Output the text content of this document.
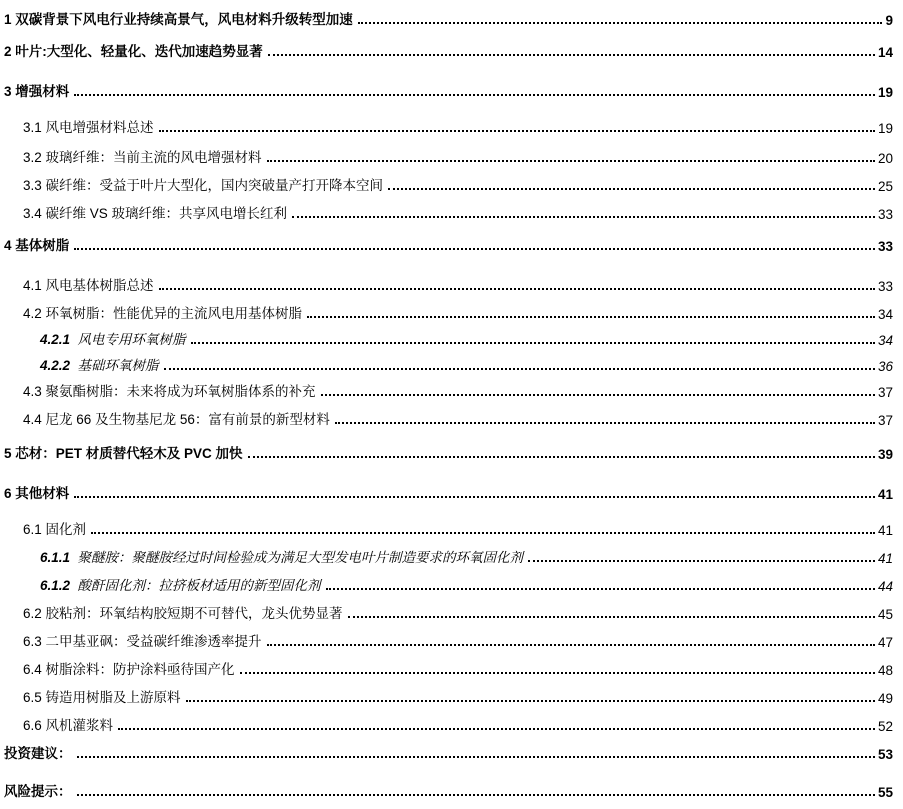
1 双碳背景下风电行业持续高景气，风电材料升级转型加速	9
2 叶片:大型化、轻量化、迭代加速趋势显著	14
3 增强材料	19
3.1 风电增强材料总述	19
3.2 玻璃纤维：当前主流的风电增强材料	20
3.3 碳纤维：受益于叶片大型化，国内突破量产打开降本空间	25
3.4 碳纤维 VS 玻璃纤维：共享风电增长红利	33
4 基体树脂	33
4.1 风电基体树脂总述	33
4.2 环氧树脂：性能优异的主流风电用基体树脂	34
4.2.1 风电专用环氧树脂	34
4.2.2 基础环氧树脂	36
4.3 聚氨酯树脂：未来将成为环氧树脂体系的补充	37
4.4 尼龙 66 及生物基尼龙 56：富有前景的新型材料	37
5 芯材：PET 材质替代轻木及 PVC 加快	39
6 其他材料	41
6.1 固化剂	41
6.1.1 聚醚胺：聚醚胺经过时间检验成为满足大型发电叶片制造要求的环氧固化剂	41
6.1.2 酸酐固化剂：拉挤板材适用的新型固化剂	44
6.2 胶粘剂：环氧结构胶短期不可替代，龙头优势显著	45
6.3 二甲基亚砜：受益碳纤维渗透率提升	47
6.4 树脂涂料：防护涂料亟待国产化	48
6.5 铸造用树脂及上游原料	49
6.6 风机灌浆料	52
投资建议：	53
风险提示：	55
